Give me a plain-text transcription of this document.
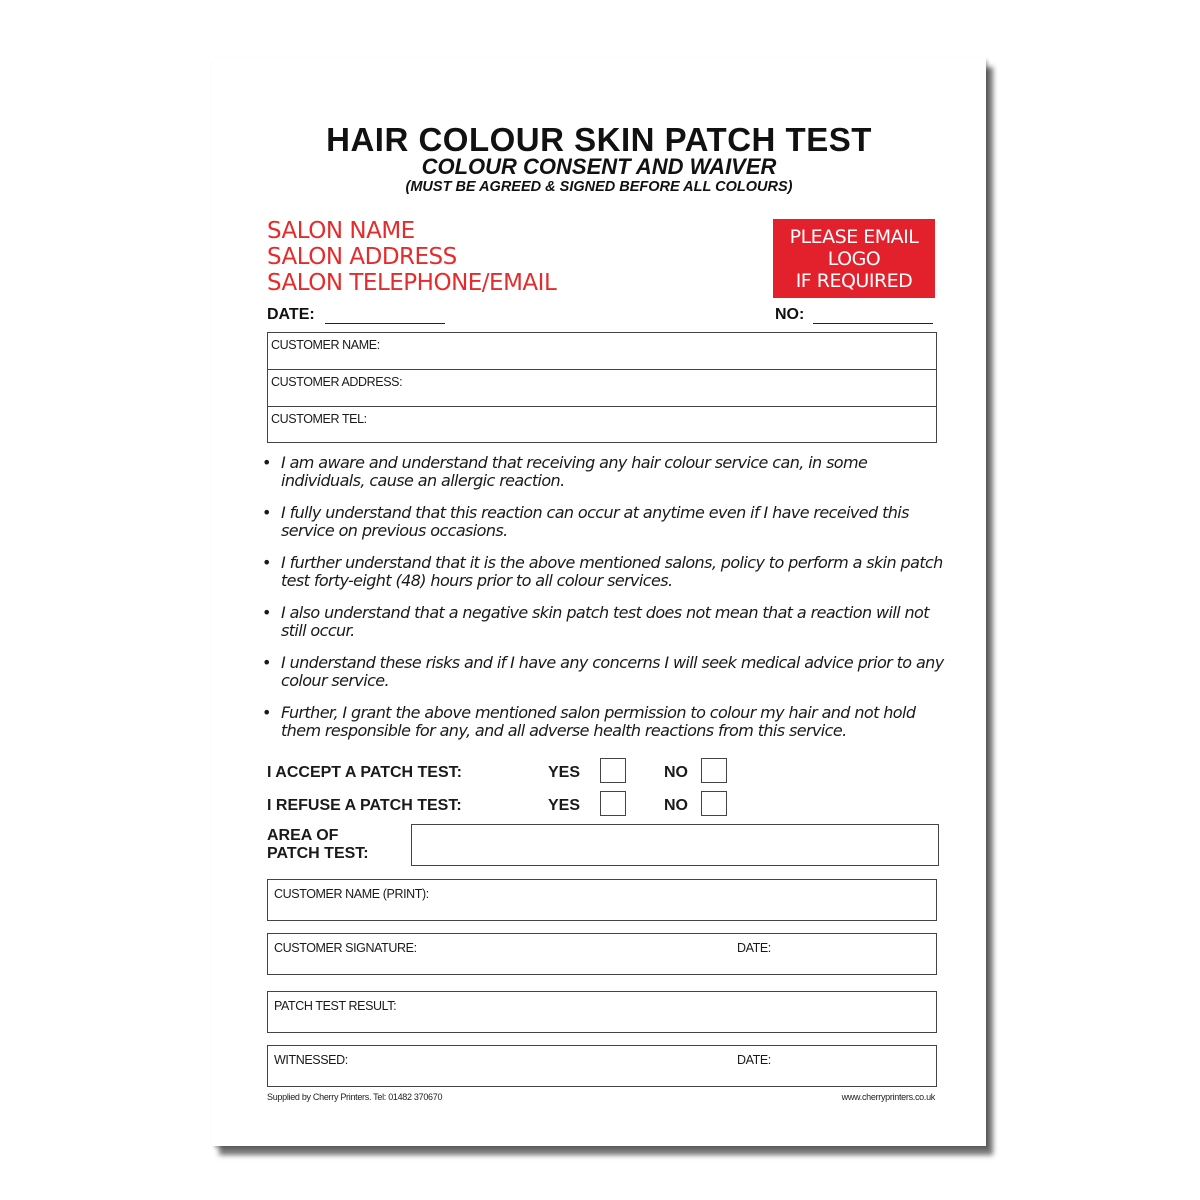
HAIR COLOUR SKIN PATCH TEST
COLOUR CONSENT AND WAIVER
(MUST BE AGREED & SIGNED BEFORE ALL COLOURS)
SALON NAME
SALON ADDRESS
SALON TELEPHONE/EMAIL
PLEASE EMAIL
LOGO
IF REQUIRED
DATE:	NO:
CUSTOMER NAME:
CUSTOMER ADDRESS:
CUSTOMER TEL:
• I am aware and understand that receiving any hair colour service can, in some individuals, cause an allergic reaction.
• I fully understand that this reaction can occur at anytime even if I have received this service on previous occasions.
• I further understand that it is the above mentioned salons, policy to perform a skin patch test forty-eight (48) hours prior to all colour services.
• I also understand that a negative skin patch test does not mean that a reaction will not still occur.
• I understand these risks and if I have any concerns I will seek medical advice prior to any colour service.
• Further, I grant the above mentioned salon permission to colour my hair and not hold them responsible for any, and all adverse health reactions from this service.
I ACCEPT A PATCH TEST:	YES	NO
I REFUSE A PATCH TEST:	YES	NO
AREA OF
PATCH TEST:
CUSTOMER NAME (PRINT):
CUSTOMER SIGNATURE:	DATE:
PATCH TEST RESULT:
WITNESSED:	DATE:
Supplied by Cherry Printers. Tel: 01482 370670	www.cherryprinters.co.uk
